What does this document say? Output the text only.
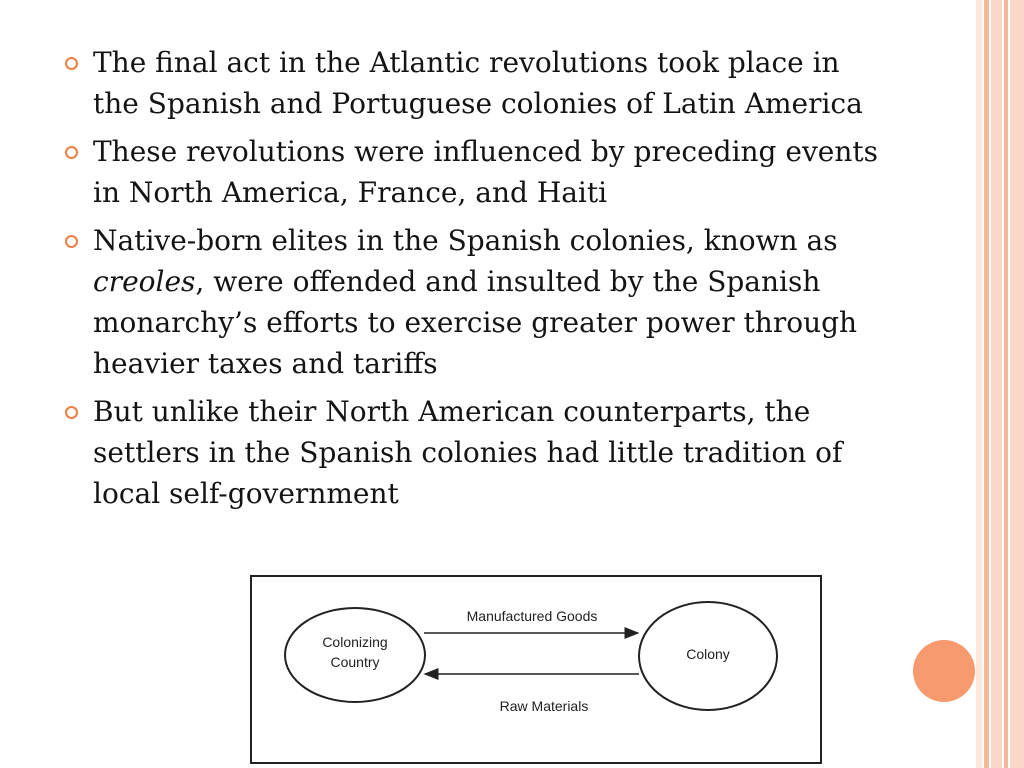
The final act in the Atlantic revolutions took place in the Spanish and Portuguese colonies of Latin America
These revolutions were influenced by preceding events in North America, France, and Haiti
Native-born elites in the Spanish colonies, known as creoles, were offended and insulted by the Spanish monarchy’s efforts to exercise greater power through heavier taxes and tariffs
But unlike their North American counterparts, the settlers in the Spanish colonies had little tradition of local self-government
Colonizing
Country	Colony
Manufactured Goods
Raw Materials
